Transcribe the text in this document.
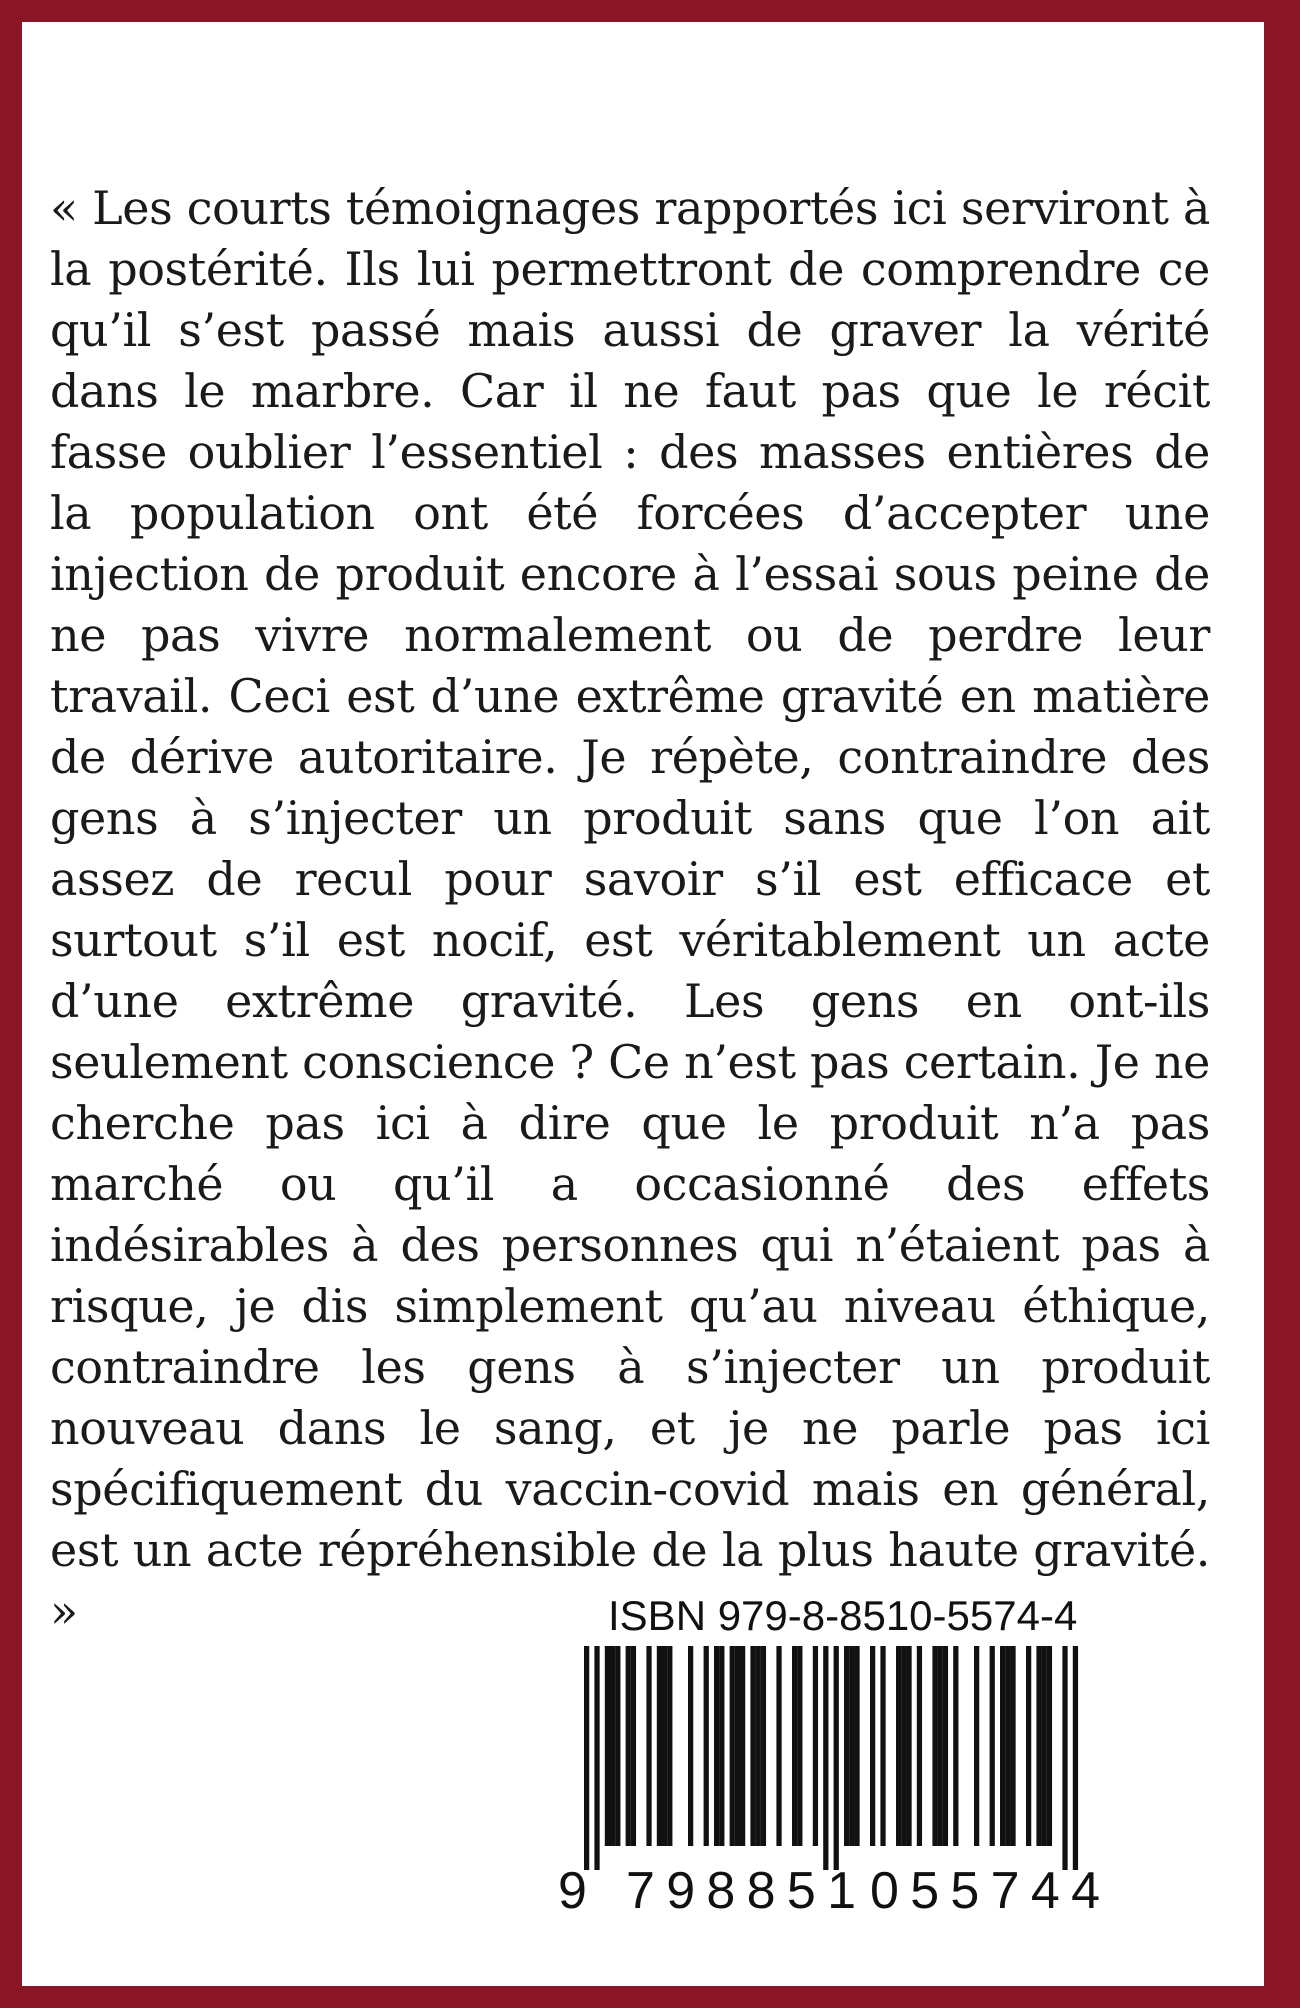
« Les courts témoignages rapportés ici serviront à la postérité. Ils lui permettront de comprendre ce qu’il s’est passé mais aussi de graver la vérité dans le marbre. Car il ne faut pas que le récit fasse oublier l’essentiel : des masses entières de la population ont été forcées d’accepter une injection de produit encore à l’essai sous peine de ne pas vivre normalement ou de perdre leur travail. Ceci est d’une extrême gravité en matière de dérive autoritaire. Je répète, contraindre des gens à s’injecter un produit sans que l’on ait assez de recul pour savoir s’il est efficace et surtout s’il est nocif, est véritablement un acte d’une extrême gravité. Les gens en ont-ils seulement conscience ? Ce n’est pas certain. Je ne cherche pas ici à dire que le produit n’a pas marché ou qu’il a occasionné des effets indésirables à des personnes qui n’étaient pas à risque, je dis simplement qu’au niveau éthique, contraindre les gens à s’injecter un produit nouveau dans le sang, et je ne parle pas ici spécifiquement du vaccin-covid mais en général, est un acte répréhensible de la plus haute gravité. »	ISBN 979-8-8510-5574-4
9 798851 055744
